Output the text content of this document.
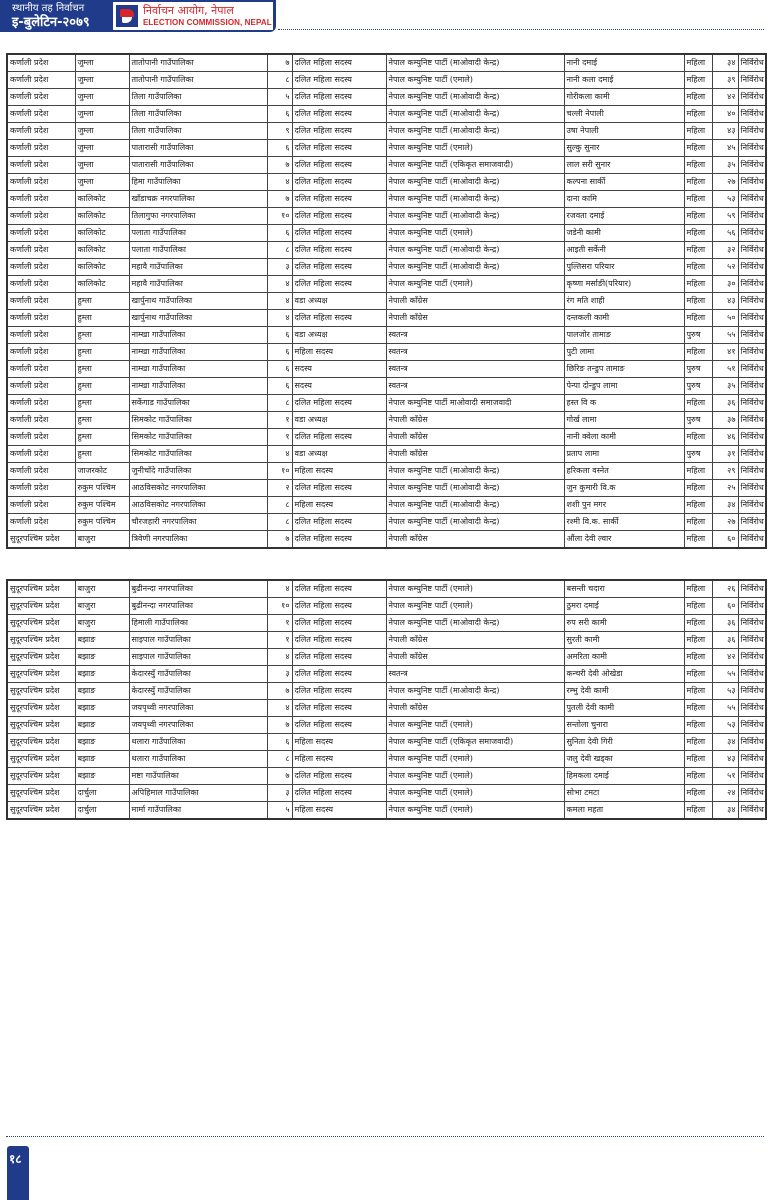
स्थानीय तह निर्वाचन
इ-बुलेटिन-२०७९
निर्वाचन आयोग, नेपाल
ELECTION COMMISSION, NEPAL
कर्णाली प्रदेश	जुम्ला	तातोपानी गाउँपालिका	७	दलित महिला सदस्य	नेपाल कम्युनिष्ट पार्टी (माओवादी केन्द्र)	नानी दमाई	महिला	३४	निर्विरोध
कर्णाली प्रदेश	जुम्ला	तातोपानी गाउँपालिका	८	दलित महिला सदस्य	नेपाल कम्युनिष्ट पार्टी (एमाले)	नानी कला दमाई	महिला	३९	निर्विरोध
कर्णाली प्रदेश	जुम्ला	तिला गाउँपालिका	५	दलित महिला सदस्य	नेपाल कम्युनिष्ट पार्टी (माओवादी केन्द्र)	गोरीकला कामी	महिला	४२	निर्विरोध
कर्णाली प्रदेश	जुम्ला	तिला गाउँपालिका	६	दलित महिला सदस्य	नेपाल कम्युनिष्ट पार्टी (माओवादी केन्द्र)	चल्ली नेपाली	महिला	४०	निर्विरोध
कर्णाली प्रदेश	जुम्ला	तिला गाउँपालिका	९	दलित महिला सदस्य	नेपाल कम्युनिष्ट पार्टी (माओवादी केन्द्र)	उषा नेपाली	महिला	४३	निर्विरोध
कर्णाली प्रदेश	जुम्ला	पातारासी गाउँपालिका	६	दलित महिला सदस्य	नेपाल कम्युनिष्ट पार्टी (एमाले)	सुल्कु सुनार	महिला	४५	निर्विरोध
कर्णाली प्रदेश	जुम्ला	पातारासी गाउँपालिका	७	दलित महिला सदस्य	नेपाल कम्युनिष्ट पार्टी (एकिकृत समाजवादी)	लाल सरी सुनार	महिला	३५	निर्विरोध
कर्णाली प्रदेश	जुम्ला	हिमा गाउँपालिका	४	दलित महिला सदस्य	नेपाल कम्युनिष्ट पार्टी (माओवादी केन्द्र)	कल्पना सार्की	महिला	२७	निर्विरोध
कर्णाली प्रदेश	कालिकोट	खाँडाचक्र नगरपालिका	७	दलित महिला सदस्य	नेपाल कम्युनिष्ट पार्टी (माओवादी केन्द्र)	दाना कामि	महिला	५३	निर्विरोध
कर्णाली प्रदेश	कालिकोट	तिलागुफा नगरपालिका	१०	दलित महिला सदस्य	नेपाल कम्युनिष्ट पार्टी (माओवादी केन्द्र)	रजवता दमाई	महिला	५९	निर्विरोध
कर्णाली प्रदेश	कालिकोट	पलाता गाउँपालिका	६	दलित महिला सदस्य	नेपाल कम्युनिष्ट पार्टी (एमाले)	जडेनी कामी	महिला	५६	निर्विरोध
कर्णाली प्रदेश	कालिकोट	पलाता गाउँपालिका	८	दलित महिला सदस्य	नेपाल कम्युनिष्ट पार्टी (माओवादी केन्द्र)	आइती सर्केनी	महिला	३२	निर्विरोध
कर्णाली प्रदेश	कालिकोट	महावै गाउँपालिका	३	दलित महिला सदस्य	नेपाल कम्युनिष्ट पार्टी (माओवादी केन्द्र)	पुल्तिसरा परियार	महिला	५२	निर्विरोध
कर्णाली प्रदेश	कालिकोट	महावै गाउँपालिका	४	दलित महिला सदस्य	नेपाल कम्युनिष्ट पार्टी (एमाले)	कृष्णा मर्साङी(परियार)	महिला	३०	निर्विरोध
कर्णाली प्रदेश	हुम्ला	खार्पुनाथ गाउँपालिका	४	वडा अध्यक्ष	नेपाली काँग्रेस	रंग मति शाही	महिला	४३	निर्विरोध
कर्णाली प्रदेश	हुम्ला	खार्पुनाथ गाउँपालिका	४	दलित महिला सदस्य	नेपाली काँग्रेस	दन्तकली कामी	महिला	५०	निर्विरोध
कर्णाली प्रदेश	हुम्ला	नाम्खा गाउँपालिका	६	वडा अध्यक्ष	स्वतन्त्र	पालजोर तामाङ	पुरुष	५५	निर्विरोध
कर्णाली प्रदेश	हुम्ला	नाम्खा गाउँपालिका	६	महिला सदस्य	स्वतन्त्र	पुटी लामा	महिला	४१	निर्विरोध
कर्णाली प्रदेश	हुम्ला	नाम्खा गाउँपालिका	६	सदस्य	स्वतन्त्र	छिरिङ तन्डुप तामाङ	पुरुष	५१	निर्विरोध
कर्णाली प्रदेश	हुम्ला	नाम्खा गाउँपालिका	६	सदस्य	स्वतन्त्र	पेन्पा दोन्डुप लामा	पुरुष	३५	निर्विरोध
कर्णाली प्रदेश	हुम्ला	सर्केगाड गाउँपालिका	८	दलित महिला सदस्य	नेपाल कम्युनिष्ट पार्टी माओवादी समाजवादी	हस्त वि क	महिला	३६	निर्विरोध
कर्णाली प्रदेश	हुम्ला	सिमकोट गाउँपालिका	१	वडा अध्यक्ष	नेपाली काँग्रेस	गोर्ख लामा	पुरुष	३७	निर्विरोध
कर्णाली प्रदेश	हुम्ला	सिमकोट गाउँपालिका	१	दलित महिला सदस्य	नेपाली काँग्रेस	नानी क्वेला कामी	महिला	४६	निर्विरोध
कर्णाली प्रदेश	हुम्ला	सिमकोट गाउँपालिका	४	वडा अध्यक्ष	नेपाली काँग्रेस	प्रताप लामा	पुरुष	३१	निर्विरोध
कर्णाली प्रदेश	जाजरकोट	जुनीचाँदे गाउँपालिका	१०	महिला सदस्य	नेपाल कम्युनिष्ट पार्टी (माओवादी केन्द्र)	हरिकला वस्नेत	महिला	२९	निर्विरोध
कर्णाली प्रदेश	रुकुम पश्चिम	आठविसकोट नगरपालिका	२	दलित महिला सदस्य	नेपाल कम्युनिष्ट पार्टी (माओवादी केन्द्र)	जुन कुमारी वि.क	महिला	२५	निर्विरोध
कर्णाली प्रदेश	रुकुम पश्चिम	आठविसकोट नगरपालिका	८	महिला सदस्य	नेपाल कम्युनिष्ट पार्टी (माओवादी केन्द्र)	शशी पुन मगर	महिला	३४	निर्विरोध
कर्णाली प्रदेश	रुकुम पश्चिम	चौरजहारी नगरपालिका	८	दलित महिला सदस्य	नेपाल कम्युनिष्ट पार्टी (माओवादी केन्द्र)	रश्मी वि.क. सार्की	महिला	२७	निर्विरोध
सुदूरपश्चिम प्रदेश	बाजुरा	त्रिवेणी नगरपालिका	७	दलित महिला सदस्य	नेपाली काँग्रेस	औंला देवी ल्वार	महिला	६०	निर्विरोध
सुदूरपश्चिम प्रदेश	बाजुरा	बुढीनन्दा नगरपालिका	४	दलित महिला सदस्य	नेपाल कम्युनिष्ट पार्टी (एमाले)	बसन्ती चदारा	महिला	२६	निर्विरोध
सुदूरपश्चिम प्रदेश	बाजुरा	बुढीनन्दा नगरपालिका	१०	दलित महिला सदस्य	नेपाल कम्युनिष्ट पार्टी (एमाले)	ठुमरा दमाई	महिला	६०	निर्विरोध
सुदूरपश्चिम प्रदेश	बाजुरा	हिमाली गाउँपालिका	१	दलित महिला सदस्य	नेपाल कम्युनिष्ट पार्टी (माओवादी केन्द्र)	रुप सरी कामी	महिला	३६	निर्विरोध
सुदूरपश्चिम प्रदेश	बझाङ	साइपाल गाउँपालिका	१	दलित महिला सदस्य	नेपाली काँग्रेस	सुरती कामी	महिला	३६	निर्विरोध
सुदूरपश्चिम प्रदेश	बझाङ	साइपाल गाउँपालिका	४	दलित महिला सदस्य	नेपाली काँग्रेस	अमरिता कामी	महिला	४२	निर्विरोध
सुदूरपश्चिम प्रदेश	बझाङ	केदारस्युँ गाउँपालिका	३	दलित महिला सदस्य	स्वतन्त्र	कन्चरी देवी ओखेडा	महिला	५५	निर्विरोध
सुदूरपश्चिम प्रदेश	बझाङ	केदारस्युँ गाउँपालिका	७	दलित महिला सदस्य	नेपाल कम्युनिष्ट पार्टी (माओवादी केन्द्र)	रम्भु देवी कामी	महिला	५३	निर्विरोध
सुदूरपश्चिम प्रदेश	बझाङ	जयपृथ्वी नगरपालिका	४	दलित महिला सदस्य	नेपाली काँग्रेस	पुतली देवी कामी	महिला	५५	निर्विरोध
सुदूरपश्चिम प्रदेश	बझाङ	जयपृथ्वी नगरपालिका	७	दलित महिला सदस्य	नेपाल कम्युनिष्ट पार्टी (एमाले)	सन्तोला चुनारा	महिला	५३	निर्विरोध
सुदूरपश्चिम प्रदेश	बझाङ	थलारा गाउँपालिका	६	महिला सदस्य	नेपाल कम्युनिष्ट पार्टी (एकिकृत समाजवादी)	सुनिता देवी गिरी	महिला	३४	निर्विरोध
सुदूरपश्चिम प्रदेश	बझाङ	थलारा गाउँपालिका	८	महिला सदस्य	नेपाल कम्युनिष्ट पार्टी (एमाले)	जलु देवी खड्का	महिला	४३	निर्विरोध
सुदूरपश्चिम प्रदेश	बझाङ	मष्टा गाउँपालिका	७	दलित महिला सदस्य	नेपाल कम्युनिष्ट पार्टी (एमाले)	हिमकला दमाई	महिला	५१	निर्विरोध
सुदूरपश्चिम प्रदेश	दार्चुला	अपिहिमाल गाउँपालिका	३	दलित महिला सदस्य	नेपाल कम्युनिष्ट पार्टी (एमाले)	सोभा टमटा	महिला	२४	निर्विरोध
सुदूरपश्चिम प्रदेश	दार्चुला	मार्मा गाउँपालिका	५	महिला सदस्य	नेपाल कम्युनिष्ट पार्टी (एमाले)	कमला महता	महिला	३४	निर्विरोध
१८
